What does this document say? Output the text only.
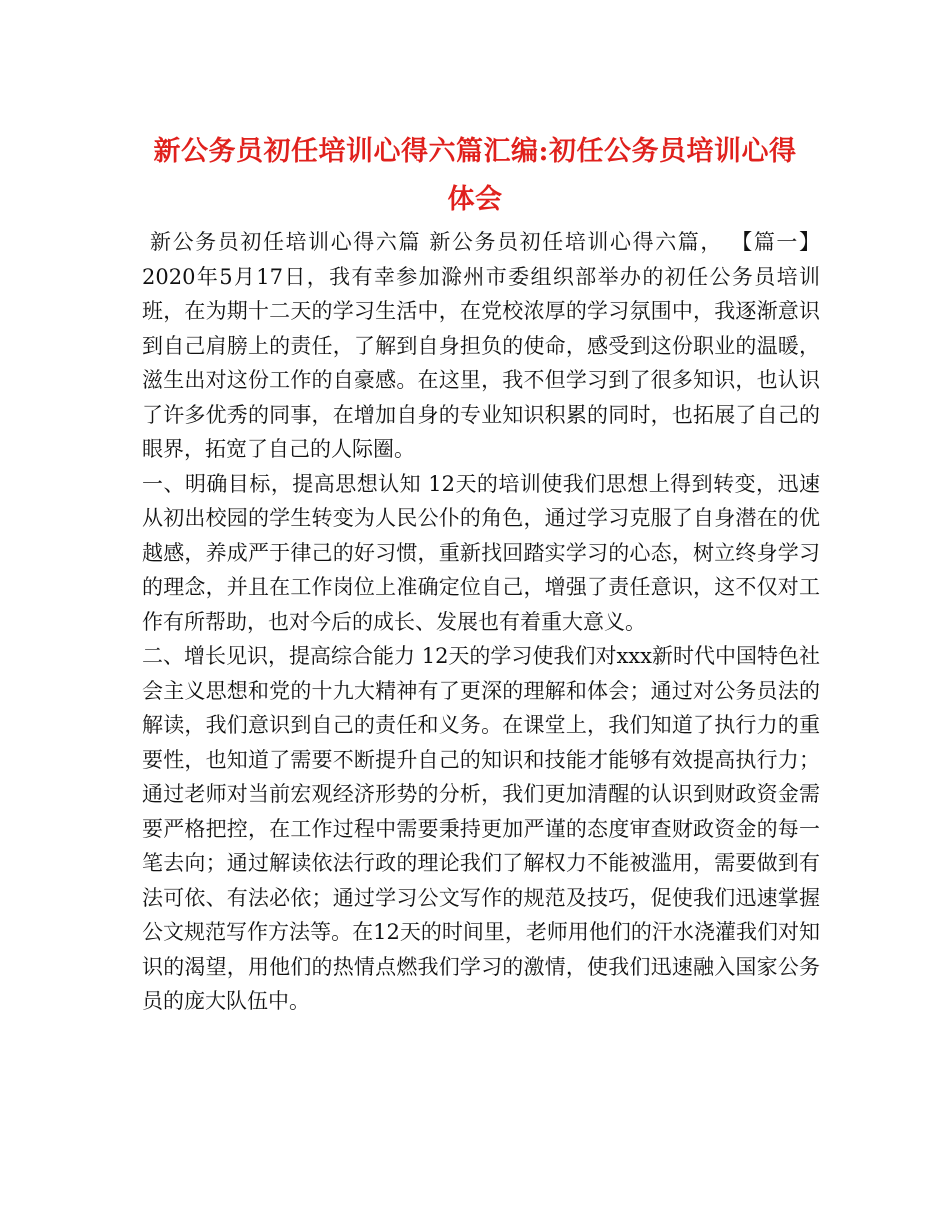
新公务员初任培训心得六篇汇编:初任公务员培训心得体会

新公务员初任培训心得六篇 新公务员初任培训心得六篇， 【篇一】2020年5月17日，我有幸参加滁州市委组织部举办的初任公务员培训班，在为期十二天的学习生活中，在党校浓厚的学习氛围中，我逐渐意识到自己肩膀上的责任，了解到自身担负的使命，感受到这份职业的温暖，滋生出对这份工作的自豪感。在这里，我不但学习到了很多知识，也认识了许多优秀的同事，在增加自身的专业知识积累的同时，也拓展了自己的眼界，拓宽了自己的人际圈。

一、明确目标，提高思想认知 12天的培训使我们思想上得到转变，迅速从初出校园的学生转变为人民公仆的角色，通过学习克服了自身潜在的优越感，养成严于律己的好习惯，重新找回踏实学习的心态，树立终身学习的理念，并且在工作岗位上准确定位自己，增强了责任意识，这不仅对工作有所帮助，也对今后的成长、发展也有着重大意义。

二、增长见识，提高综合能力 12天的学习使我们对xxx新时代中国特色社会主义思想和党的十九大精神有了更深的理解和体会；通过对公务员法的解读，我们意识到自己的责任和义务。在课堂上，我们知道了执行力的重要性，也知道了需要不断提升自己的知识和技能才能够有效提高执行力；通过老师对当前宏观经济形势的分析，我们更加清醒的认识到财政资金需要严格把控，在工作过程中需要秉持更加严谨的态度审查财政资金的每一笔去向；通过解读依法行政的理论我们了解权力不能被滥用，需要做到有法可依、有法必依；通过学习公文写作的规范及技巧，促使我们迅速掌握公文规范写作方法等。在12天的时间里，老师用他们的汗水浇灌我们对知识的渴望，用他们的热情点燃我们学习的激情，使我们迅速融入国家公务员的庞大队伍中。
